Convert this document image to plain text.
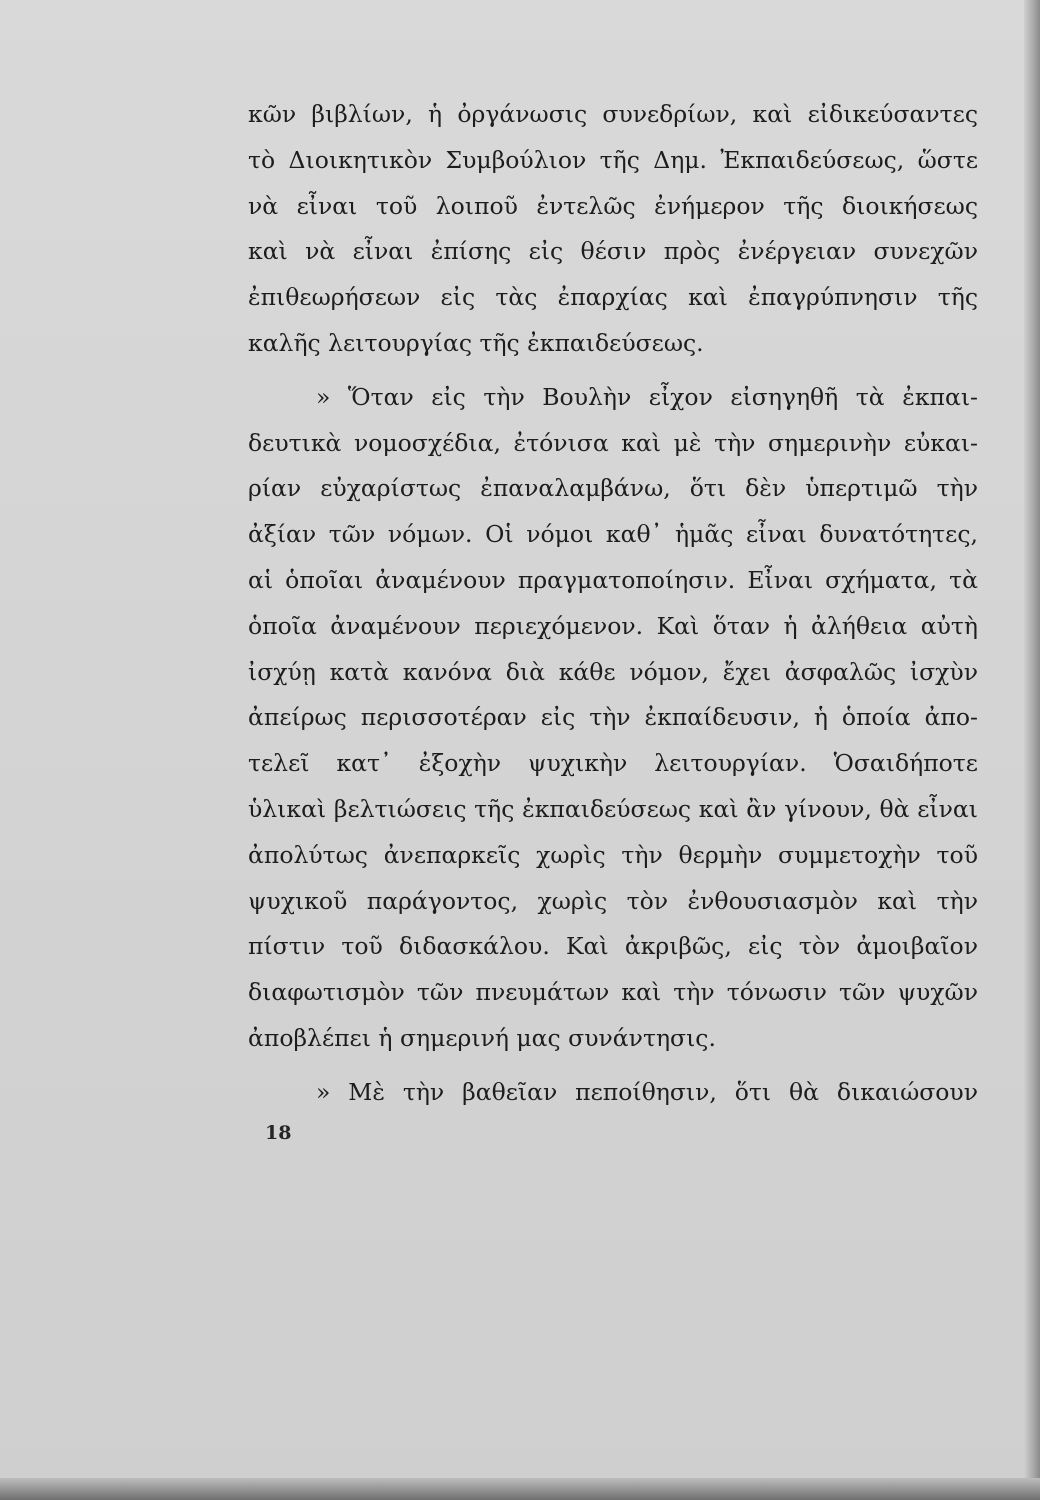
κῶν βιβλίων, ἡ ὀργάνωσις συνεδρίων, καὶ εἰδικεύσαντες
τὸ Διοικητικὸν Συμβούλιον τῆς Δημ. Ἐκπαιδεύσεως, ὥστε
νὰ εἶναι τοῦ λοιποῦ ἐντελῶς ἐνήμερον τῆς διοικήσεως
καὶ νὰ εἶναι ἐπίσης εἰς θέσιν πρὸς ἐνέργειαν συνεχῶν
ἐπιθεωρήσεων εἰς τὰς ἐπαρχίας καὶ ἐπαγρύπνησιν τῆς
καλῆς λειτουργίας τῆς ἐκπαιδεύσεως.
» Ὅταν εἰς τὴν Βουλὴν εἶχον εἰσηγηθῆ τὰ ἐκπαι-
δευτικὰ νομοσχέδια, ἐτόνισα καὶ μὲ τὴν σημερινὴν εὐκαι-
ρίαν εὐχαρίστως ἐπαναλαμβάνω, ὅτι δὲν ὑπερτιμῶ τὴν
ἀξίαν τῶν νόμων. Οἱ νόμοι καθ᾿ ἡμᾶς εἶναι δυνατότητες,
αἱ ὁποῖαι ἀναμένουν πραγματοποίησιν. Εἶναι σχήματα, τὰ
ὁποῖα ἀναμένουν περιεχόμενον. Καὶ ὅταν ἡ ἀλήθεια αὐτὴ
ἰσχύῃ κατὰ κανόνα διὰ κάθε νόμον, ἔχει ἀσφαλῶς ἰσχὺν
ἀπείρως περισσοτέραν εἰς τὴν ἐκπαίδευσιν, ἡ ὁποία ἀπο-
τελεῖ κατ᾿ ἐξοχὴν ψυχικὴν λειτουργίαν. Ὁσαιδήποτε
ὑλικαὶ βελτιώσεις τῆς ἐκπαιδεύσεως καὶ ἂν γίνουν, θὰ εἶναι
ἀπολύτως ἀνεπαρκεῖς χωρὶς τὴν θερμὴν συμμετοχὴν τοῦ
ψυχικοῦ παράγοντος, χωρὶς τὸν ἐνθουσιασμὸν καὶ τὴν
πίστιν τοῦ διδασκάλου. Καὶ ἀκριβῶς, εἰς τὸν ἀμοιβαῖον
διαφωτισμὸν τῶν πνευμάτων καὶ τὴν τόνωσιν τῶν ψυχῶν
ἀποβλέπει ἡ σημερινή μας συνάντησις.
» Μὲ τὴν βαθεῖαν πεποίθησιν, ὅτι θὰ δικαιώσουν
18
